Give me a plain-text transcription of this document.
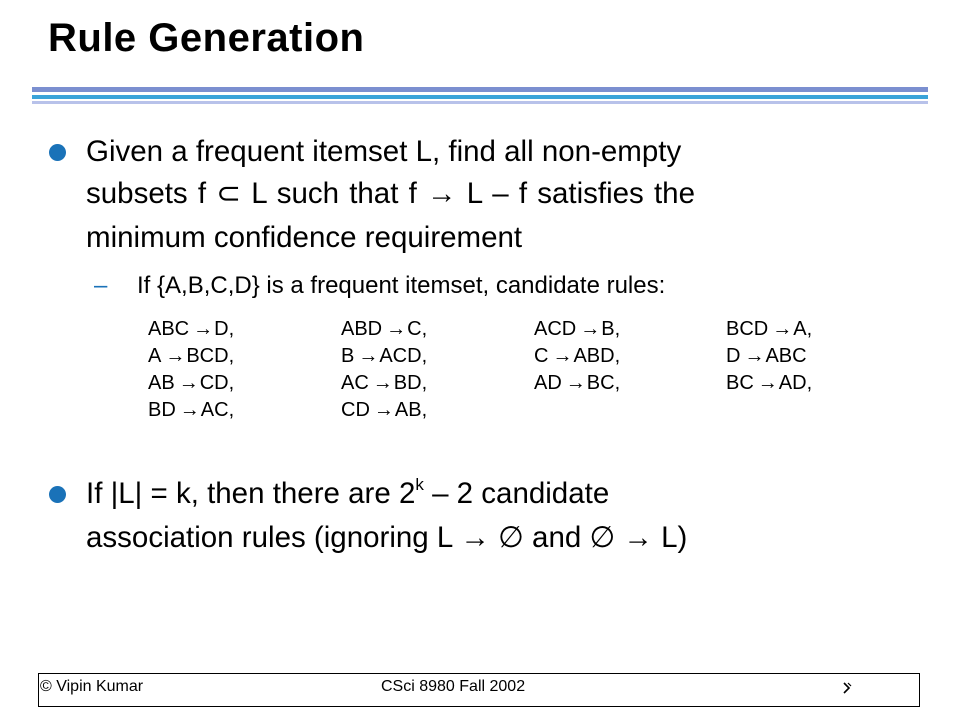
Rule Generation
Given a frequent itemset L, find all non-empty
subsets f ⊂ L such that f → L – f satisfies the
minimum confidence requirement
– If {A,B,C,D} is a frequent itemset, candidate rules:
ABC →D,	ABD →C,	ACD →B,	BCD →A,
A →BCD,	B →ACD,	C →ABD,	D →ABC
AB →CD,	AC →BD,	AD →BC,	BC →AD,
BD →AC,	CD →AB,
If |L| = k, then there are 2$^k$ – 2 candidate
association rules (ignoring L → ∅ and ∅ → L)
© Vipin Kumar	CSci 8980 Fall 2002
